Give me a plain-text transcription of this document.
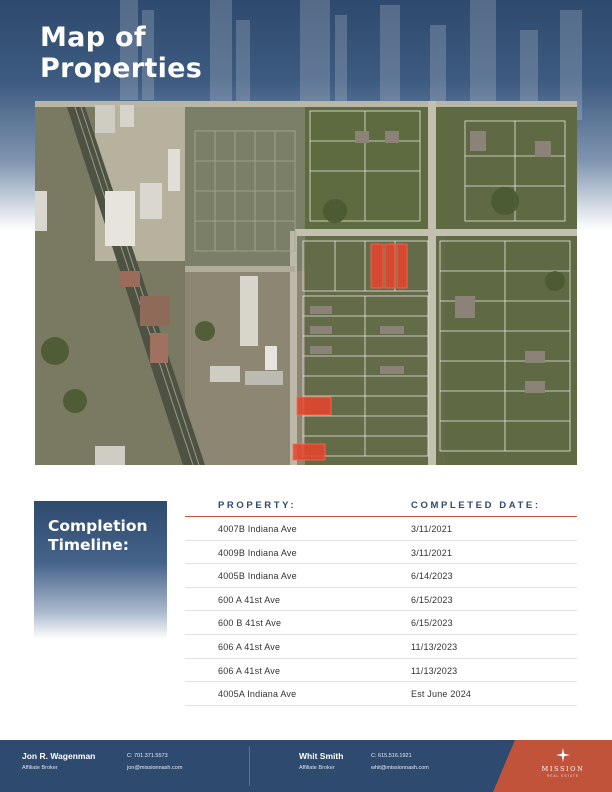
Map of
Properties
Completion
Timeline:
PROPERTY:	COMPLETED DATE:
4007B Indiana Ave	3/11/2021
4009B Indiana Ave	3/11/2021
4005B Indiana Ave	6/14/2023
600 A 41st Ave	6/15/2023
600 B 41st Ave	6/15/2023
606 A 41st Ave	11/13/2023
606 A 41st Ave	11/13/2023
4005A Indiana Ave	Est June 2024
Jon R. Wagenman
Affiliate Broker
C: 701.371.5573
jon@missionnash.com
Whit Smith
Affiliate Broker
C: 615.516.1921
whit@missionnash.com	MISSION
REAL ESTATE
